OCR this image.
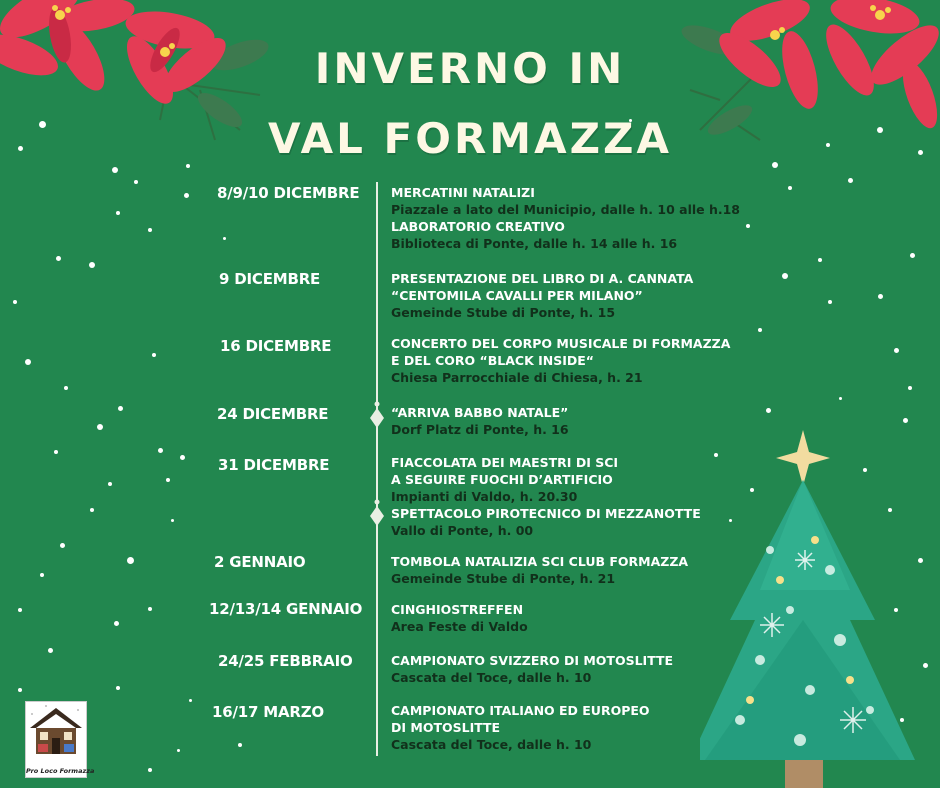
INVERNO IN
VAL FORMAZZA
8/9/10 DICEMBRE
9 DICEMBRE
16 DICEMBRE
24 DICEMBRE
31 DICEMBRE
2 GENNAIO
12/13/14 GENNAIO
24/25 FEBBRAIO
16/17 MARZO
MERCATINI NATALIZI
Piazzale a lato del Municipio, dalle h. 10 alle h.18
LABORATORIO CREATIVO
Biblioteca di Ponte, dalle h. 14 alle h. 16
PRESENTAZIONE DEL LIBRO DI A. CANNATA
“CENTOMILA CAVALLI PER MILANO”
Gemeinde Stube di Ponte, h. 15
CONCERTO DEL CORPO MUSICALE DI FORMAZZA
E DEL CORO “BLACK INSIDE“
Chiesa Parrocchiale di Chiesa, h. 21
“ARRIVA BABBO NATALE”
Dorf Platz di Ponte, h. 16
FIACCOLATA DEI MAESTRI DI SCI
A SEGUIRE FUOCHI D’ARTIFICIO
Impianti di Valdo, h. 20.30
SPETTACOLO PIROTECNICO DI MEZZANOTTE
Vallo di Ponte, h. 00
TOMBOLA NATALIZIA SCI CLUB FORMAZZA
Gemeinde Stube di Ponte, h. 21
CINGHIOSTREFFEN
Area Feste di Valdo
CAMPIONATO SVIZZERO DI MOTOSLITTE
Cascata del Toce, dalle h. 10
CAMPIONATO ITALIANO ED EUROPEO
DI MOTOSLITTE
Cascata del Toce, dalle h. 10
Pro Loco Formazza
